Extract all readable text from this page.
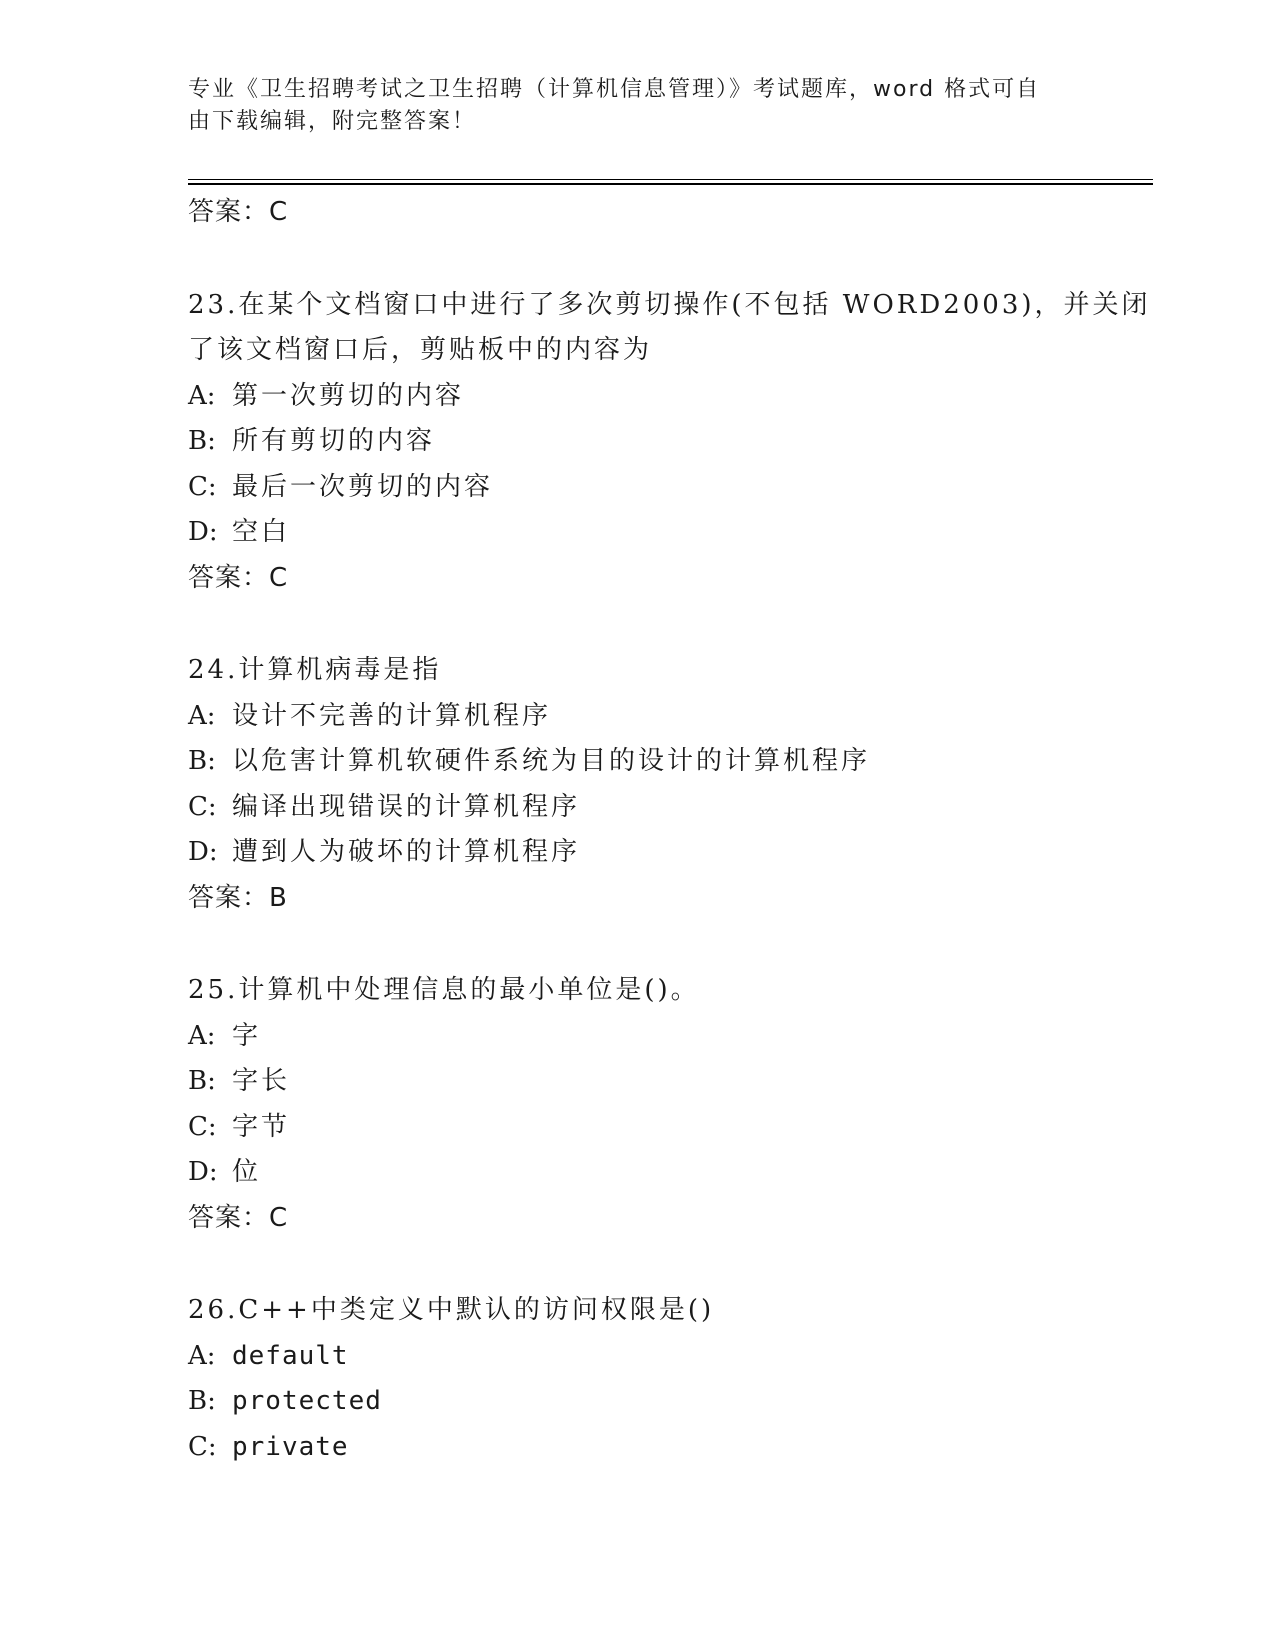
专业《卫生招聘考试之卫生招聘（计算机信息管理）》考试题库，word 格式可自
由下载编辑，附完整答案！
答案：C
23.在某个文档窗口中进行了多次剪切操作(不包括 WORD2003)，并关闭
了该文档窗口后，剪贴板中的内容为
A: 第一次剪切的内容
B: 所有剪切的内容
C: 最后一次剪切的内容
D: 空白
答案：C
24.计算机病毒是指
A: 设计不完善的计算机程序
B: 以危害计算机软硬件系统为目的设计的计算机程序
C: 编译出现错误的计算机程序
D: 遭到人为破坏的计算机程序
答案：B
25.计算机中处理信息的最小单位是()。
A: 字
B: 字长
C: 字节
D: 位
答案：C
26.C++中类定义中默认的访问权限是()
A: default
B: protected
C: private
